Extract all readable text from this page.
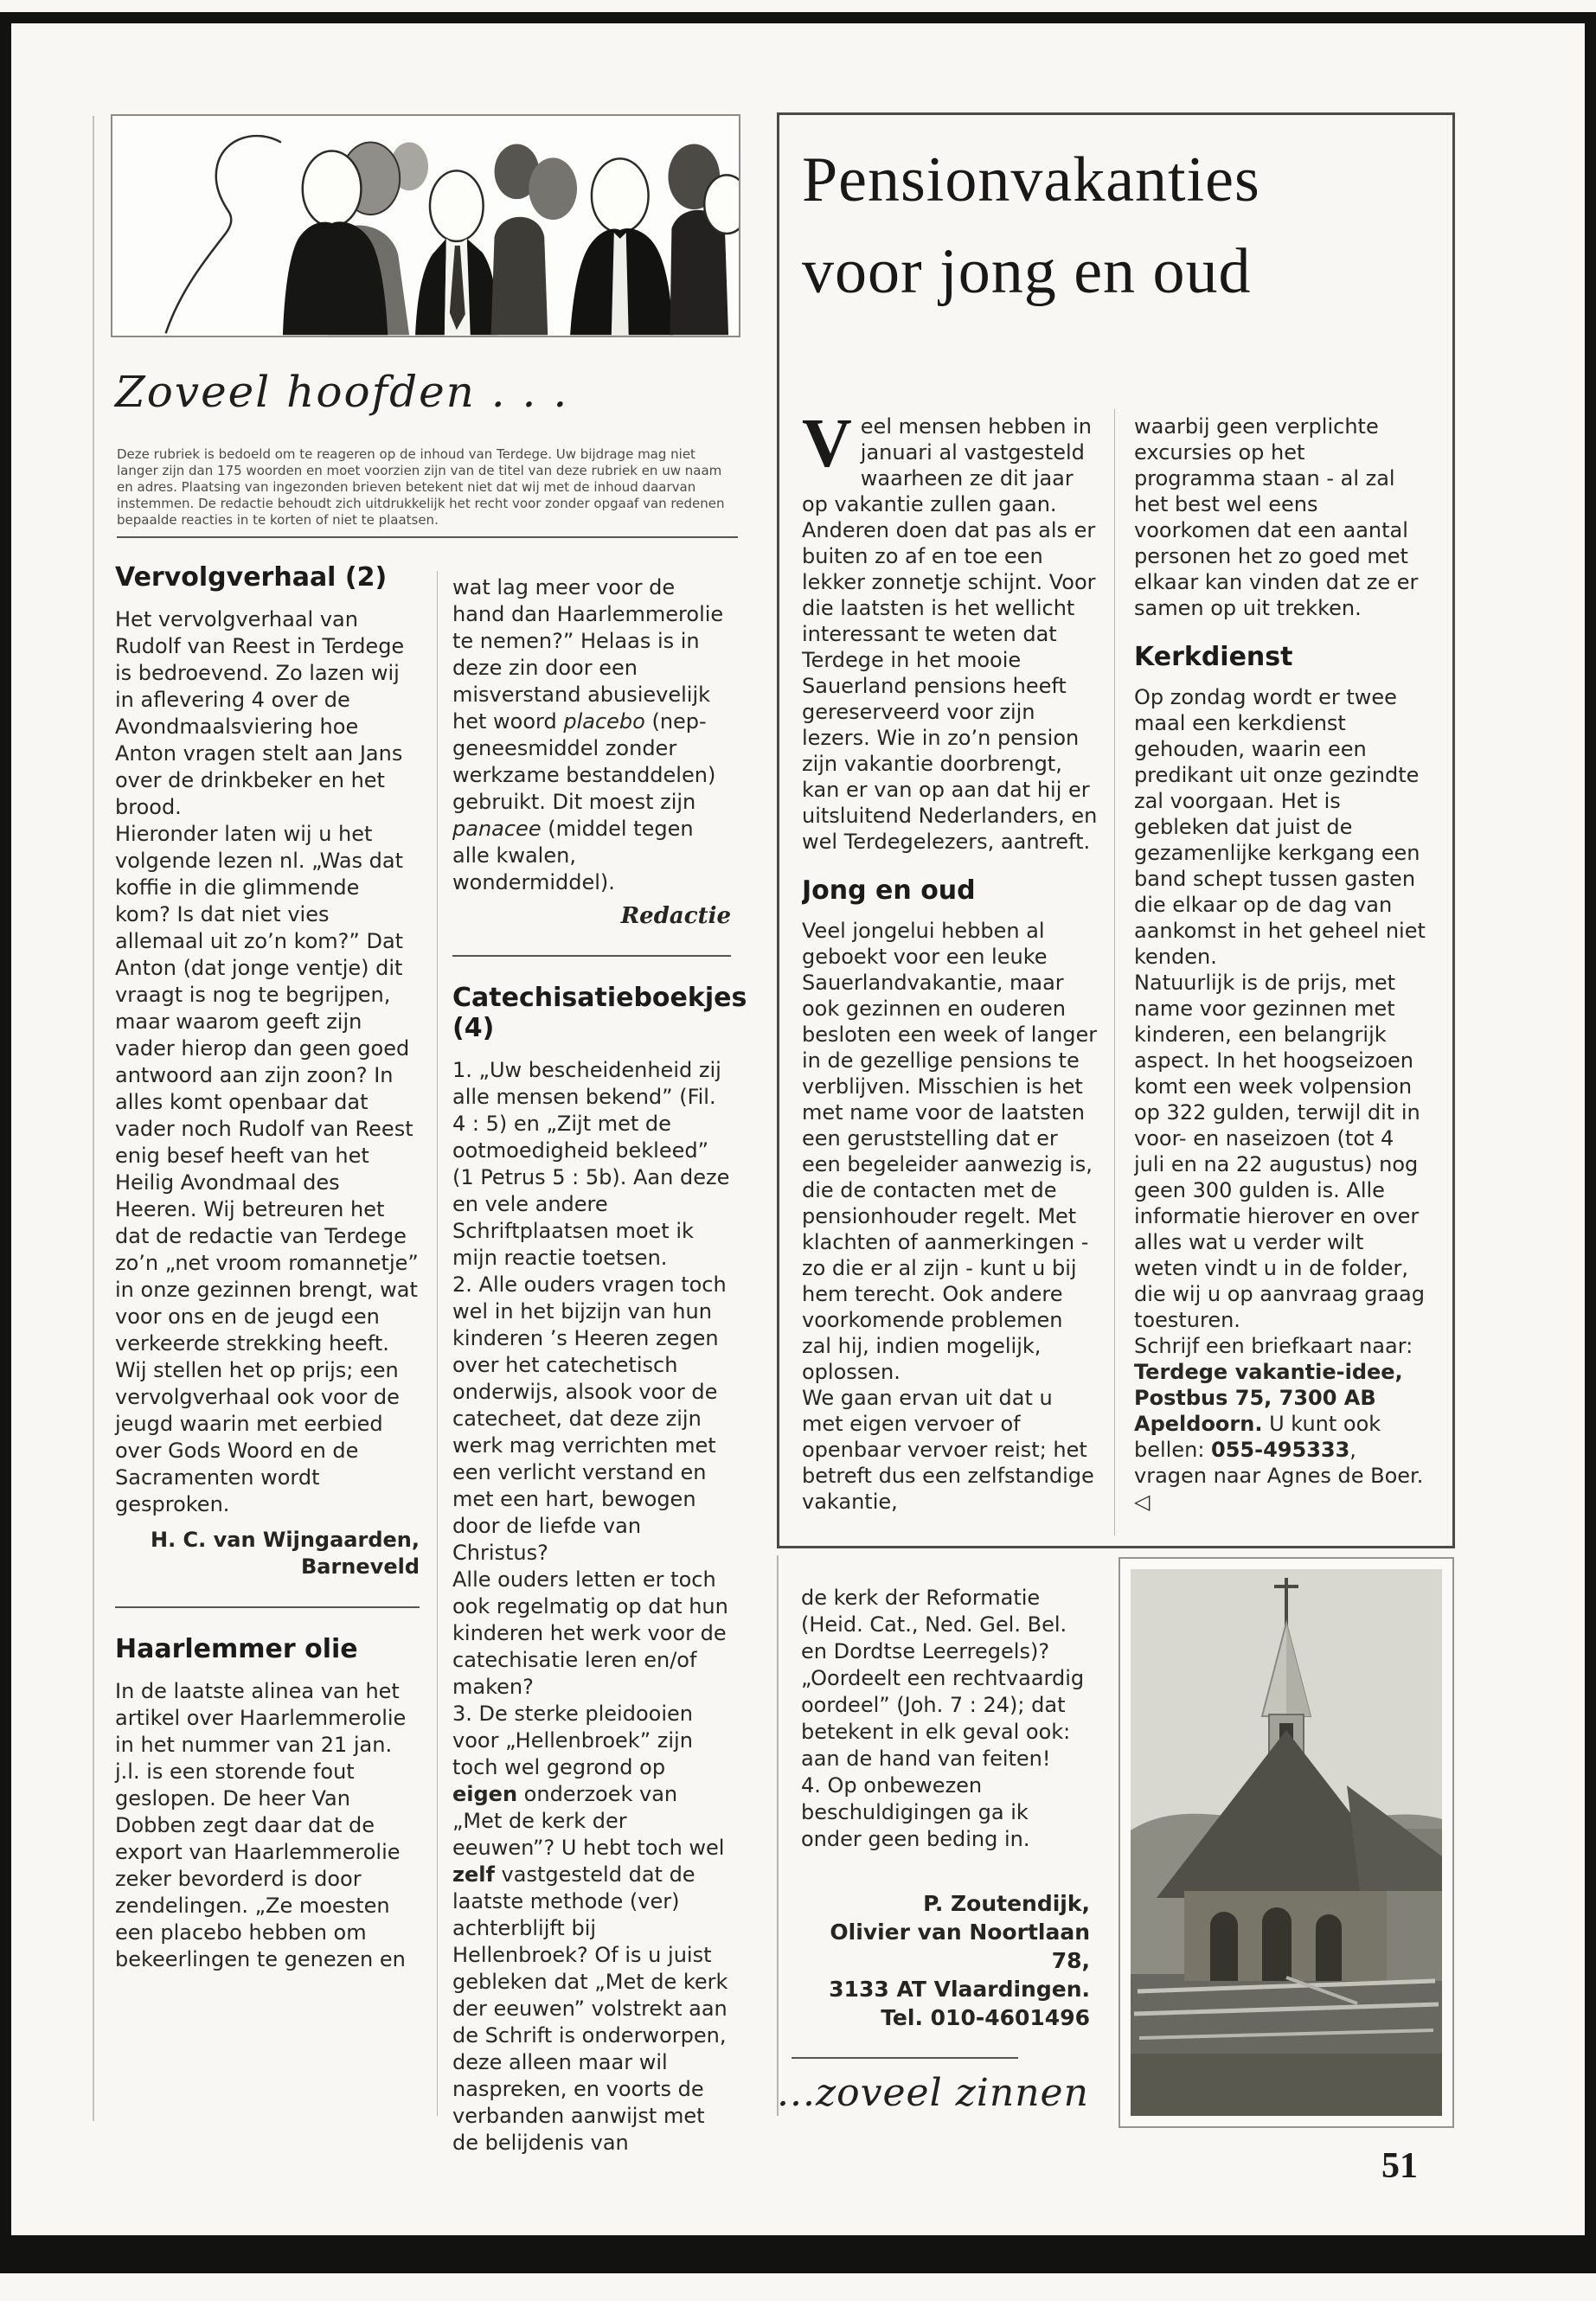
Zoveel hoofden . . .

Deze rubriek is bedoeld om te reageren op de inhoud van Terdege. Uw bijdrage mag niet langer zijn dan 175 woorden en moet voorzien zijn van de titel van deze rubriek en uw naam en adres. Plaatsing van ingezonden brieven betekent niet dat wij met de inhoud daarvan instemmen. De redactie behoudt zich uitdrukkelijk het recht voor zonder opgaaf van redenen bepaalde reacties in te korten of niet te plaatsen.

Vervolgverhaal (2)

Het vervolgverhaal van Rudolf van Reest in Terdege is bedroevend. Zo lazen wij in aflevering 4 over de Avondmaalsviering hoe Anton vragen stelt aan Jans over de drinkbeker en het brood.

Hieronder laten wij u het volgende lezen nl. „Was dat koffie in die glimmende kom? Is dat niet vies allemaal uit zo’n kom?” Dat Anton (dat jonge ventje) dit vraagt is nog te begrijpen, maar waarom geeft zijn vader hierop dan geen goed antwoord aan zijn zoon? In alles komt openbaar dat vader noch Rudolf van Reest enig besef heeft van het Heilig Avondmaal des Heeren. Wij betreuren het dat de redactie van Terdege zo’n „net vroom romannetje” in onze gezinnen brengt, wat voor ons en de jeugd een verkeerde strekking heeft.

Wij stellen het op prijs; een vervolgverhaal ook voor de jeugd waarin met eerbied over Gods Woord en de Sacramenten wordt gesproken.

H. C. van Wijngaarden,
Barneveld
Haarlemmer olie

In de laatste alinea van het artikel over Haarlemmerolie in het nummer van 21 jan. j.l. is een storende fout geslopen. De heer Van Dobben zegt daar dat de export van Haarlemmerolie zeker bevorderd is door zendelingen. „Ze moesten een placebo hebben om bekeerlingen te genezen en

wat lag meer voor de hand dan Haarlemmerolie te nemen?” Helaas is in deze zin door een misverstand abusievelijk het woord placebo (nep-geneesmiddel zonder werkzame bestanddelen) gebruikt. Dit moest zijn panacee (middel tegen alle kwalen, wondermiddel).

Redactie
Catechisatieboekjes (4)

1. „Uw bescheidenheid zij alle mensen bekend” (Fil. 4 : 5) en „Zijt met de ootmoedigheid bekleed” (1 Petrus 5 : 5b). Aan deze en vele andere Schriftplaatsen moet ik mijn reactie toetsen.

2. Alle ouders vragen toch wel in het bijzijn van hun kinderen ’s Heeren zegen over het catechetisch onderwijs, alsook voor de catecheet, dat deze zijn werk mag verrichten met een verlicht verstand en met een hart, bewogen door de liefde van Christus?

Alle ouders letten er toch ook regelmatig op dat hun kinderen het werk voor de catechisatie leren en/of maken?

3. De sterke pleidooien voor „Hellenbroek” zijn toch wel gegrond op eigen onderzoek van „Met de kerk der eeuwen”? U hebt toch wel zelf vastgesteld dat de laatste methode (ver) achterblijft bij Hellenbroek? Of is u juist gebleken dat „Met de kerk der eeuwen” volstrekt aan de Schrift is onderworpen, deze alleen maar wil naspreken, en voorts de verbanden aanwijst met de belijdenis van

Pensionvakanties
voor jong en oud

Veel mensen hebben in januari al vastgesteld waarheen ze dit jaar op vakantie zullen gaan. Anderen doen dat pas als er buiten zo af en toe een lekker zonnetje schijnt. Voor die laatsten is het wellicht interessant te weten dat Terdege in het mooie Sauerland pensions heeft gereserveerd voor zijn lezers. Wie in zo’n pension zijn vakantie doorbrengt, kan er van op aan dat hij er uitsluitend Nederlanders, en wel Terdegelezers, aantreft.

Jong en oud

Veel jongelui hebben al geboekt voor een leuke Sauerlandvakantie, maar ook gezinnen en ouderen besloten een week of langer in de gezellige pensions te verblijven. Misschien is het met name voor de laatsten een geruststelling dat er een begeleider aanwezig is, die de contacten met de pensionhouder regelt. Met klachten of aanmerkingen - zo die er al zijn - kunt u bij hem terecht. Ook andere voorkomende problemen zal hij, indien mogelijk, oplossen.

We gaan ervan uit dat u met eigen vervoer of openbaar vervoer reist; het betreft dus een zelfstandige vakantie,

waarbij geen verplichte excursies op het programma staan - al zal het best wel eens voorkomen dat een aantal personen het zo goed met elkaar kan vinden dat ze er samen op uit trekken.

Kerkdienst

Op zondag wordt er twee maal een kerkdienst gehouden, waarin een predikant uit onze gezindte zal voorgaan. Het is gebleken dat juist de gezamenlijke kerkgang een band schept tussen gasten die elkaar op de dag van aankomst in het geheel niet kenden.

Natuurlijk is de prijs, met name voor gezinnen met kinderen, een belangrijk aspect. In het hoogseizoen komt een week volpension op 322 gulden, terwijl dit in voor- en naseizoen (tot 4 juli en na 22 augustus) nog geen 300 gulden is. Alle informatie hierover en over alles wat u verder wilt weten vindt u in de folder, die wij u op aanvraag graag toesturen.

Schrijf een briefkaart naar: Terdege vakantie-idee, Postbus 75, 7300 AB Apeldoorn. U kunt ook bellen: 055-495333, vragen naar Agnes de Boer. ◁

de kerk der Reformatie (Heid. Cat., Ned. Gel. Bel. en Dordtse Leerregels)? „Oordeelt een rechtvaardig oordeel” (Joh. 7 : 24); dat betekent in elk geval ook: aan de hand van feiten!

4. Op onbewezen beschuldigingen ga ik onder geen beding in.

P. Zoutendijk,
Olivier van Noortlaan 78,
3133 AT Vlaardingen.
Tel. 010-4601496
...zoveel zinnen
51
